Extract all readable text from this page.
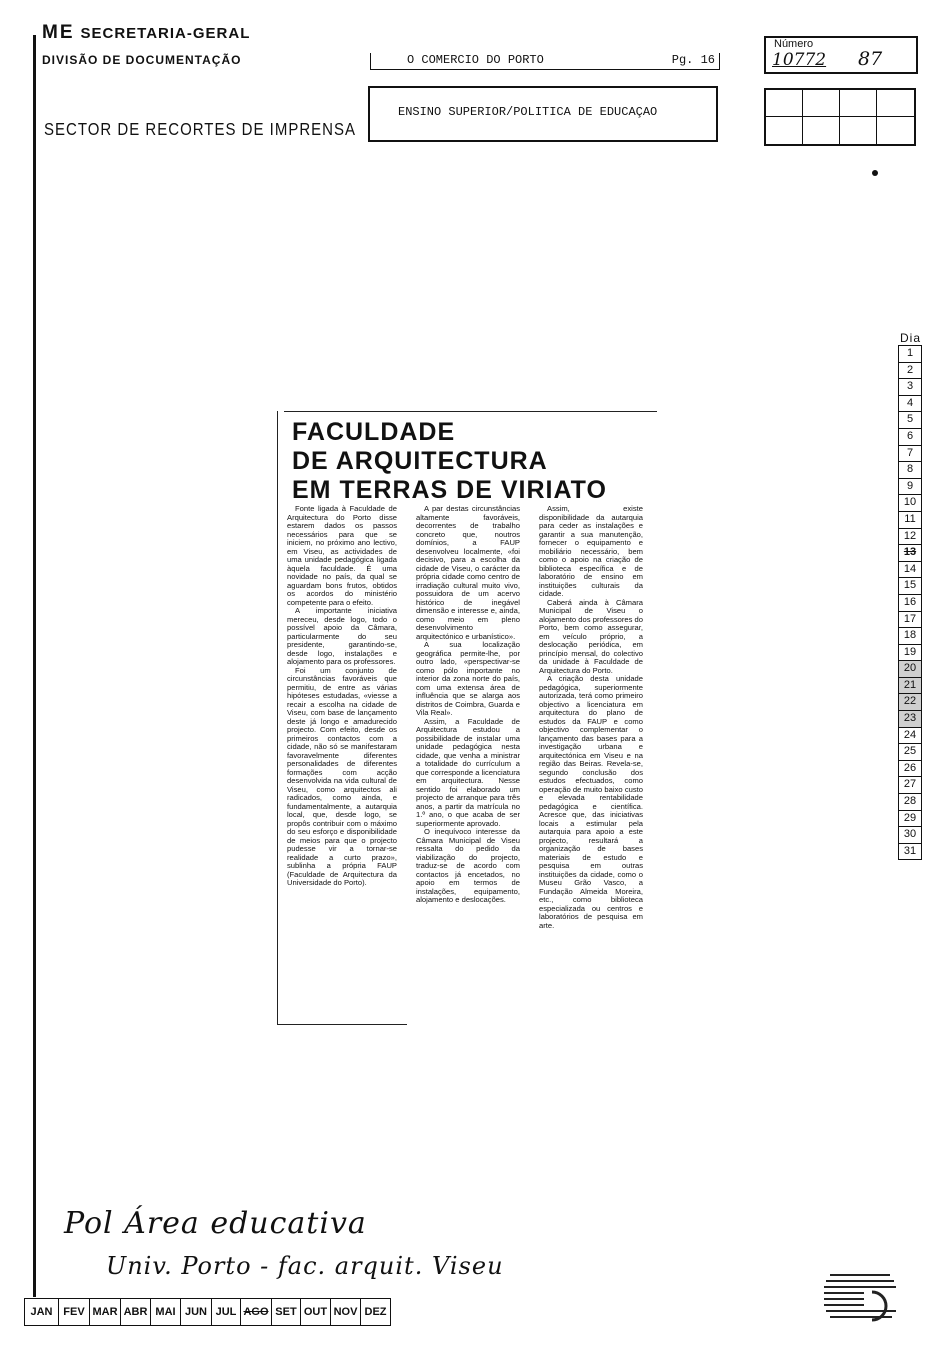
ME SECRETARIA-GERAL
DIVISÃO DE DOCUMENTAÇÃO
SECTOR DE RECORTES DE IMPRENSA
O COMERCIO DO PORTO	Pg. 16
ENSINO SUPERIOR/POLITICA DE EDUCAÇAO
Número
10772 87
Dia
1
2
3
4
5
6
7
8
9
10
11
12
13
14
15
16
17
18
19
20
21
22
23
24
25
26
27
28
29
30
31
FACULDADE
DE ARQUITECTURA
EM TERRAS DE VIRIATO

Fonte ligada à Faculdade de Arquitectura do Porto disse estarem dados os passos necessários para que se iniciem, no próximo ano lectivo, em Viseu, as actividades de uma unidade pedagógica ligada àquela faculdade. É uma novidade no país, da qual se aguardam bons frutos, obtidos os acordos do ministério competente para o efeito.

A importante iniciativa mereceu, desde logo, todo o possível apoio da Câmara, particularmente do seu presidente, garantindo-se, desde logo, instalações e alojamento para os professores.

Foi um conjunto de circunstâncias favoráveis que permitiu, de entre as várias hipóteses estudadas, «viesse a recair a escolha na cidade de Viseu, com base de lançamento deste já longo e amadurecido projecto. Com efeito, desde os primeiros contactos com a cidade, não só se manifestaram favoravelmente diferentes personalidades de diferentes formações com acção desenvolvida na vida cultural de Viseu, como arquitectos ali radicados, como ainda, e fundamentalmente, a autarquia local, que, desde logo, se propôs contribuir com o máximo do seu esforço e disponibilidade de meios para que o projecto pudesse vir a tornar-se realidade a curto prazo», sublinha a própria FAUP (Faculdade de Arquitectura da Universidade do Porto).

A par destas circunstâncias altamente favoráveis, decorrentes de trabalho concreto que, noutros domínios, a FAUP desenvolveu localmente, «foi decisivo, para a escolha da cidade de Viseu, o carácter da própria cidade como centro de irradiação cultural muito vivo, possuidora de um acervo histórico de inegável dimensão e interesse e, ainda, como meio em pleno desenvolvimento arquitectónico e urbanístico».

A sua localização geográfica permite-lhe, por outro lado, «perspectivar-se como pólo importante no interior da zona norte do país, com uma extensa área de influência que se alarga aos distritos de Coimbra, Guarda e Vila Real».

Assim, a Faculdade de Arquitectura estudou a possibilidade de instalar uma unidade pedagógica nesta cidade, que venha a ministrar a totalidade do currículum a que corresponde a licenciatura em arquitectura. Nesse sentido foi elaborado um projecto de arranque para três anos, a partir da matrícula no 1.º ano, o que acaba de ser superiormente aprovado.

O inequívoco interesse da Câmara Municipal de Viseu ressalta do pedido da viabilização do projecto, traduz-se de acordo com contactos já encetados, no apoio em termos de instalações, equipamento, alojamento e deslocações.

Assim, existe disponibilidade da autarquia para ceder as instalações e garantir a sua manutenção, fornecer o equipamento e mobiliário necessário, bem como o apoio na criação de biblioteca específica e de laboratório de ensino em instituições culturais da cidade.

Caberá ainda à Câmara Municipal de Viseu o alojamento dos professores do Porto, bem como assegurar, em veículo próprio, a deslocação periódica, em princípio mensal, do colectivo da unidade à Faculdade de Arquitectura do Porto.

A criação desta unidade pedagógica, superiormente autorizada, terá como primeiro objectivo a licenciatura em arquitectura do plano de estudos da FAUP e como objectivo complementar o lançamento das bases para a investigação urbana e arquitectónica em Viseu e na região das Beiras. Revela-se, segundo conclusão dos estudos efectuados, como operação de muito baixo custo e elevada rentabilidade pedagógica e científica. Acresce que, das iniciativas locais a estimular pela autarquia para apoio a este projecto, resultará a organização de bases materiais de estudo e pesquisa em outras instituições da cidade, como o Museu Grão Vasco, a Fundação Almeida Moreira, etc., como biblioteca especializada ou centros e laboratórios de pesquisa em arte.

Pol Área educativa
Univ. Porto - fac. arquit. Viseu
JAN FEV MAR ABR MAI JUN JUL AGO SET OUT NOV DEZ
